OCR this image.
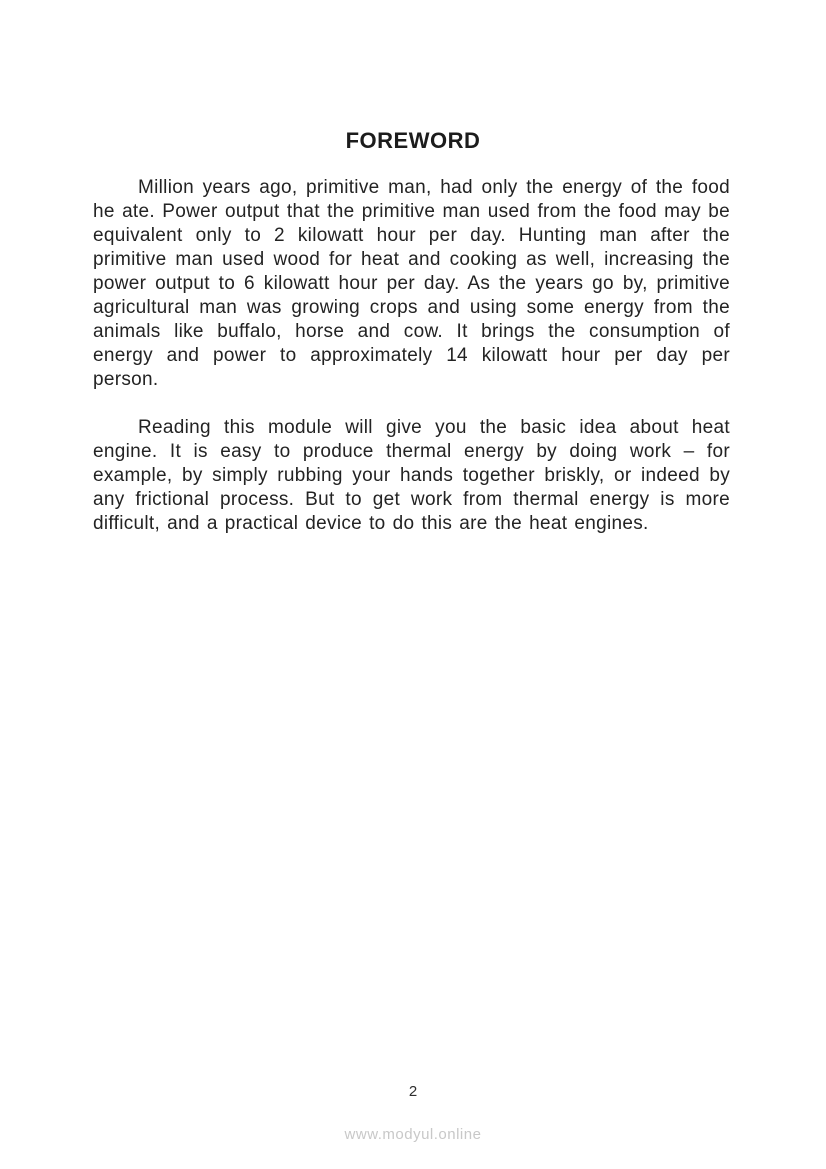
FOREWORD

Million years ago, primitive man, had only the energy of the food he ate. Power output that the primitive man used from the food may be equivalent only to 2 kilowatt hour per day. Hunting man after the primitive man used wood for heat and cooking as well, increasing the power output to 6 kilowatt hour per day. As the years go by, primitive agricultural man was growing crops and using some energy from the animals like buffalo, horse and cow. It brings the consumption of energy and power to approximately 14 kilowatt hour per day per person.

Reading this module will give you the basic idea about heat engine. It is easy to produce thermal energy by doing work – for example, by simply rubbing your hands together briskly, or indeed by any frictional process. But to get work from thermal energy is more difficult, and a practical device to do this are the heat engines.

2
www.modyul.online
